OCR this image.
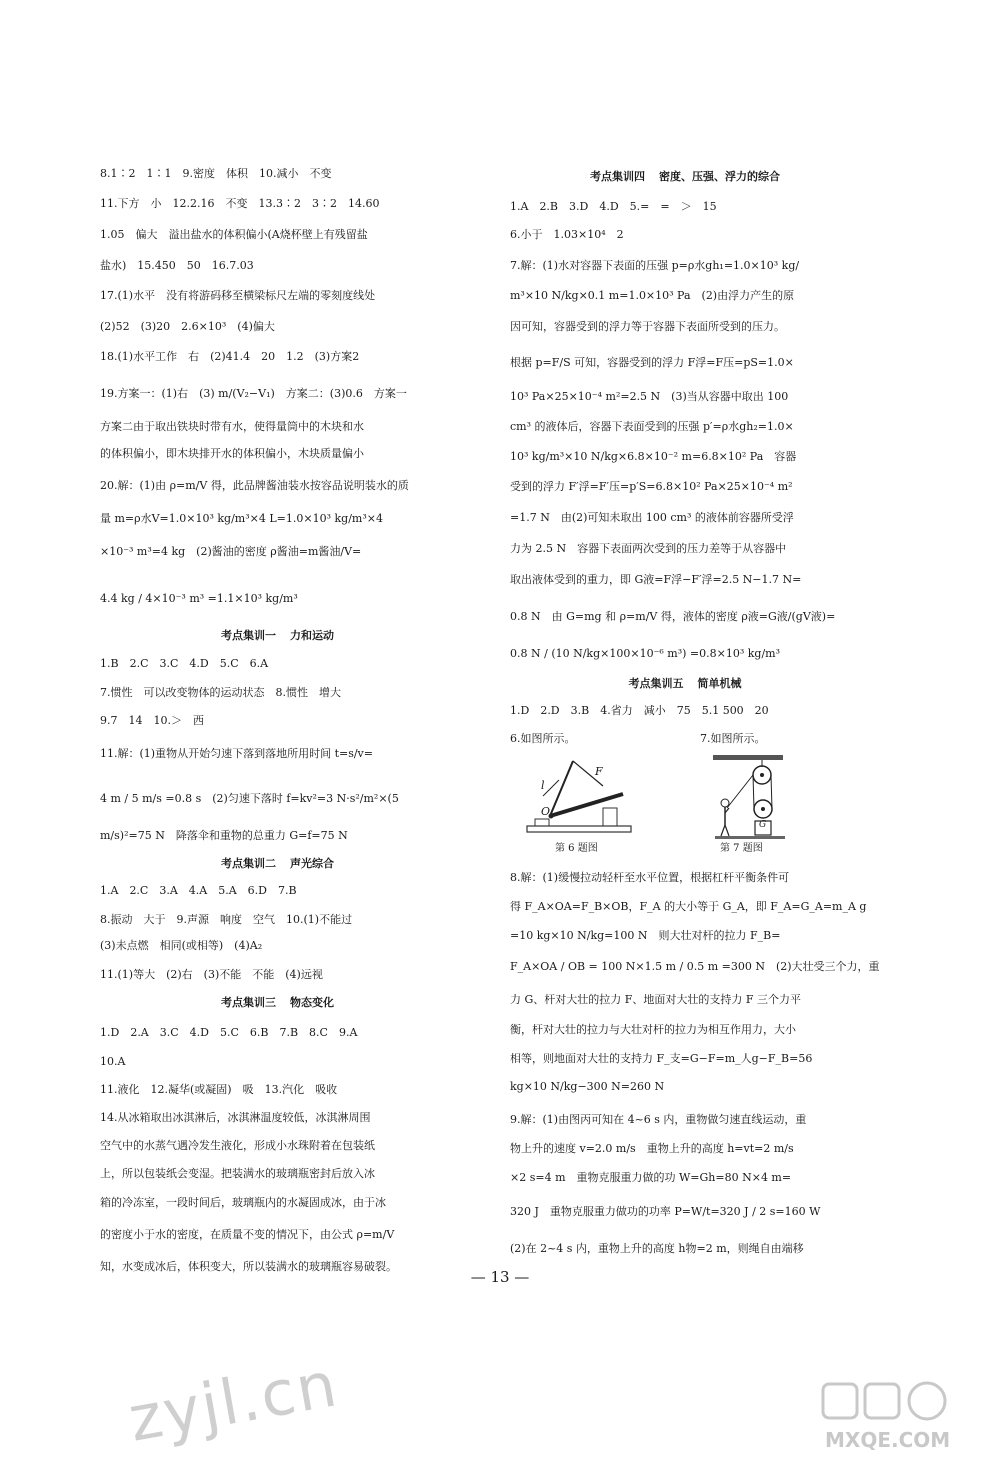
8.1∶2　1∶1　9.密度　体积　10.减小　不变
11.下方　小　12.2.16　不变　13.3∶2　3∶2　14.60
1.05　偏大　溢出盐水的体积偏小(A烧杯壁上有残留盐
盐水)　15.450　50　16.7.03
17.(1)水平　没有将游码移至横梁标尺左端的零刻度线处
(2)52　(3)20　2.6×10³　(4)偏大
18.(1)水平工作　右　(2)41.4　20　1.2　(3)方案2
19.方案一：(1)右　(3) m/(V₂−V₁)　方案二：(3)0.6　方案一
方案二由于取出铁块时带有水，使得量筒中的木块和水
的体积偏小，即木块排开水的体积偏小，木块质量偏小
20.解：(1)由 ρ=m/V 得，此品牌酱油装水按容品说明装水的质
量 m=ρ水V=1.0×10³ kg/m³×4 L=1.0×10³ kg/m³×4
×10⁻³ m³=4 kg　(2)酱油的密度 ρ酱油=m酱油/V=
4.4 kg / 4×10⁻³ m³ =1.1×10³ kg/m³
考点集训一 力和运动
1.B　2.C　3.C　4.D　5.C　6.A
7.惯性　可以改变物体的运动状态　8.惯性　增大
9.7　14　10.＞　西
11.解：(1)重物从开始匀速下落到落地所用时间 t=s/v=
4 m / 5 m/s =0.8 s　(2)匀速下落时 f=kv²=3 N·s²/m²×(5
m/s)²=75 N　降落伞和重物的总重力 G=f=75 N
考点集训二 声光综合
1.A　2.C　3.A　4.A　5.A　6.D　7.B
8.振动　大于　9.声源　响度　空气　10.(1)不能过
(3)未点燃　相同(或相等)　(4)A₂
11.(1)等大　(2)右　(3)不能　不能　(4)远视
考点集训三 物态变化
1.D　2.A　3.C　4.D　5.C　6.B　7.B　8.C　9.A
10.A
11.液化　12.凝华(或凝固)　吸　13.汽化　吸收
14.从冰箱取出冰淇淋后，冰淇淋温度较低，冰淇淋周围
空气中的水蒸气遇冷发生液化，形成小水珠附着在包装纸
上，所以包装纸会变湿。把装满水的玻璃瓶密封后放入冰
箱的冷冻室，一段时间后，玻璃瓶内的水凝固成冰，由于冰
的密度小于水的密度，在质量不变的情况下，由公式 ρ=m/V
知，水变成冰后，体积变大，所以装满水的玻璃瓶容易破裂。
考点集训四 密度、压强、浮力的综合
1.A　2.B　3.D　4.D　5.=　=　＞　15
6.小于　1.03×10⁴　2
7.解：(1)水对容器下表面的压强 p=ρ水gh₁=1.0×10³ kg/
m³×10 N/kg×0.1 m=1.0×10³ Pa　(2)由浮力产生的原
因可知，容器受到的浮力等于容器下表面所受到的压力。
根据 p=F/S 可知，容器受到的浮力 F浮=F压=pS=1.0×
10³ Pa×25×10⁻⁴ m²=2.5 N　(3)当从容器中取出 100
cm³ 的液体后，容器下表面受到的压强 p′=ρ水gh₂=1.0×
10³ kg/m³×10 N/kg×6.8×10⁻² m=6.8×10² Pa　容器
受到的浮力 F′浮=F′压=p′S=6.8×10² Pa×25×10⁻⁴ m²
=1.7 N　由(2)可知未取出 100 cm³ 的液体前容器所受浮
力为 2.5 N　容器下表面两次受到的压力差等于从容器中
取出液体受到的重力，即 G液=F浮−F′浮=2.5 N−1.7 N=
0.8 N　由 G=mg 和 ρ=m/V 得，液体的密度 ρ液=G液/(gV液)=
0.8 N / (10 N/kg×100×10⁻⁶ m³) =0.8×10³ kg/m³
考点集训五 简单机械
1.D　2.D　3.B　4.省力　减小　75　5.1 500　20
6.如图所示。	7.如图所示。
F
l
O
第 6 题图
G
第 7 题图
8.解：(1)缓慢拉动轻杆至水平位置，根据杠杆平衡条件可
得 F_A×OA=F_B×OB，F_A 的大小等于 G_A，即 F_A=G_A=m_A g
=10 kg×10 N/kg=100 N　则大壮对杆的拉力 F_B=
F_A×OA / OB = 100 N×1.5 m / 0.5 m =300 N　(2)大壮受三个力，重
力 G、杆对大壮的拉力 F、地面对大壮的支持力 F 三个力平
衡，杆对大壮的拉力与大壮对杆的拉力为相互作用力，大小
相等，则地面对大壮的支持力 F_支=G−F=m_人g−F_B=56
kg×10 N/kg−300 N=260 N
9.解：(1)由图丙可知在 4~6 s 内，重物做匀速直线运动，重
物上升的速度 v=2.0 m/s　重物上升的高度 h=vt=2 m/s
×2 s=4 m　重物克服重力做的功 W=Gh=80 N×4 m=
320 J　重物克服重力做功的功率 P=W/t=320 J / 2 s=160 W
(2)在 2~4 s 内，重物上升的高度 h物=2 m，则绳自由端移
— 13 —
zyjl.cn	MXQE.COM
